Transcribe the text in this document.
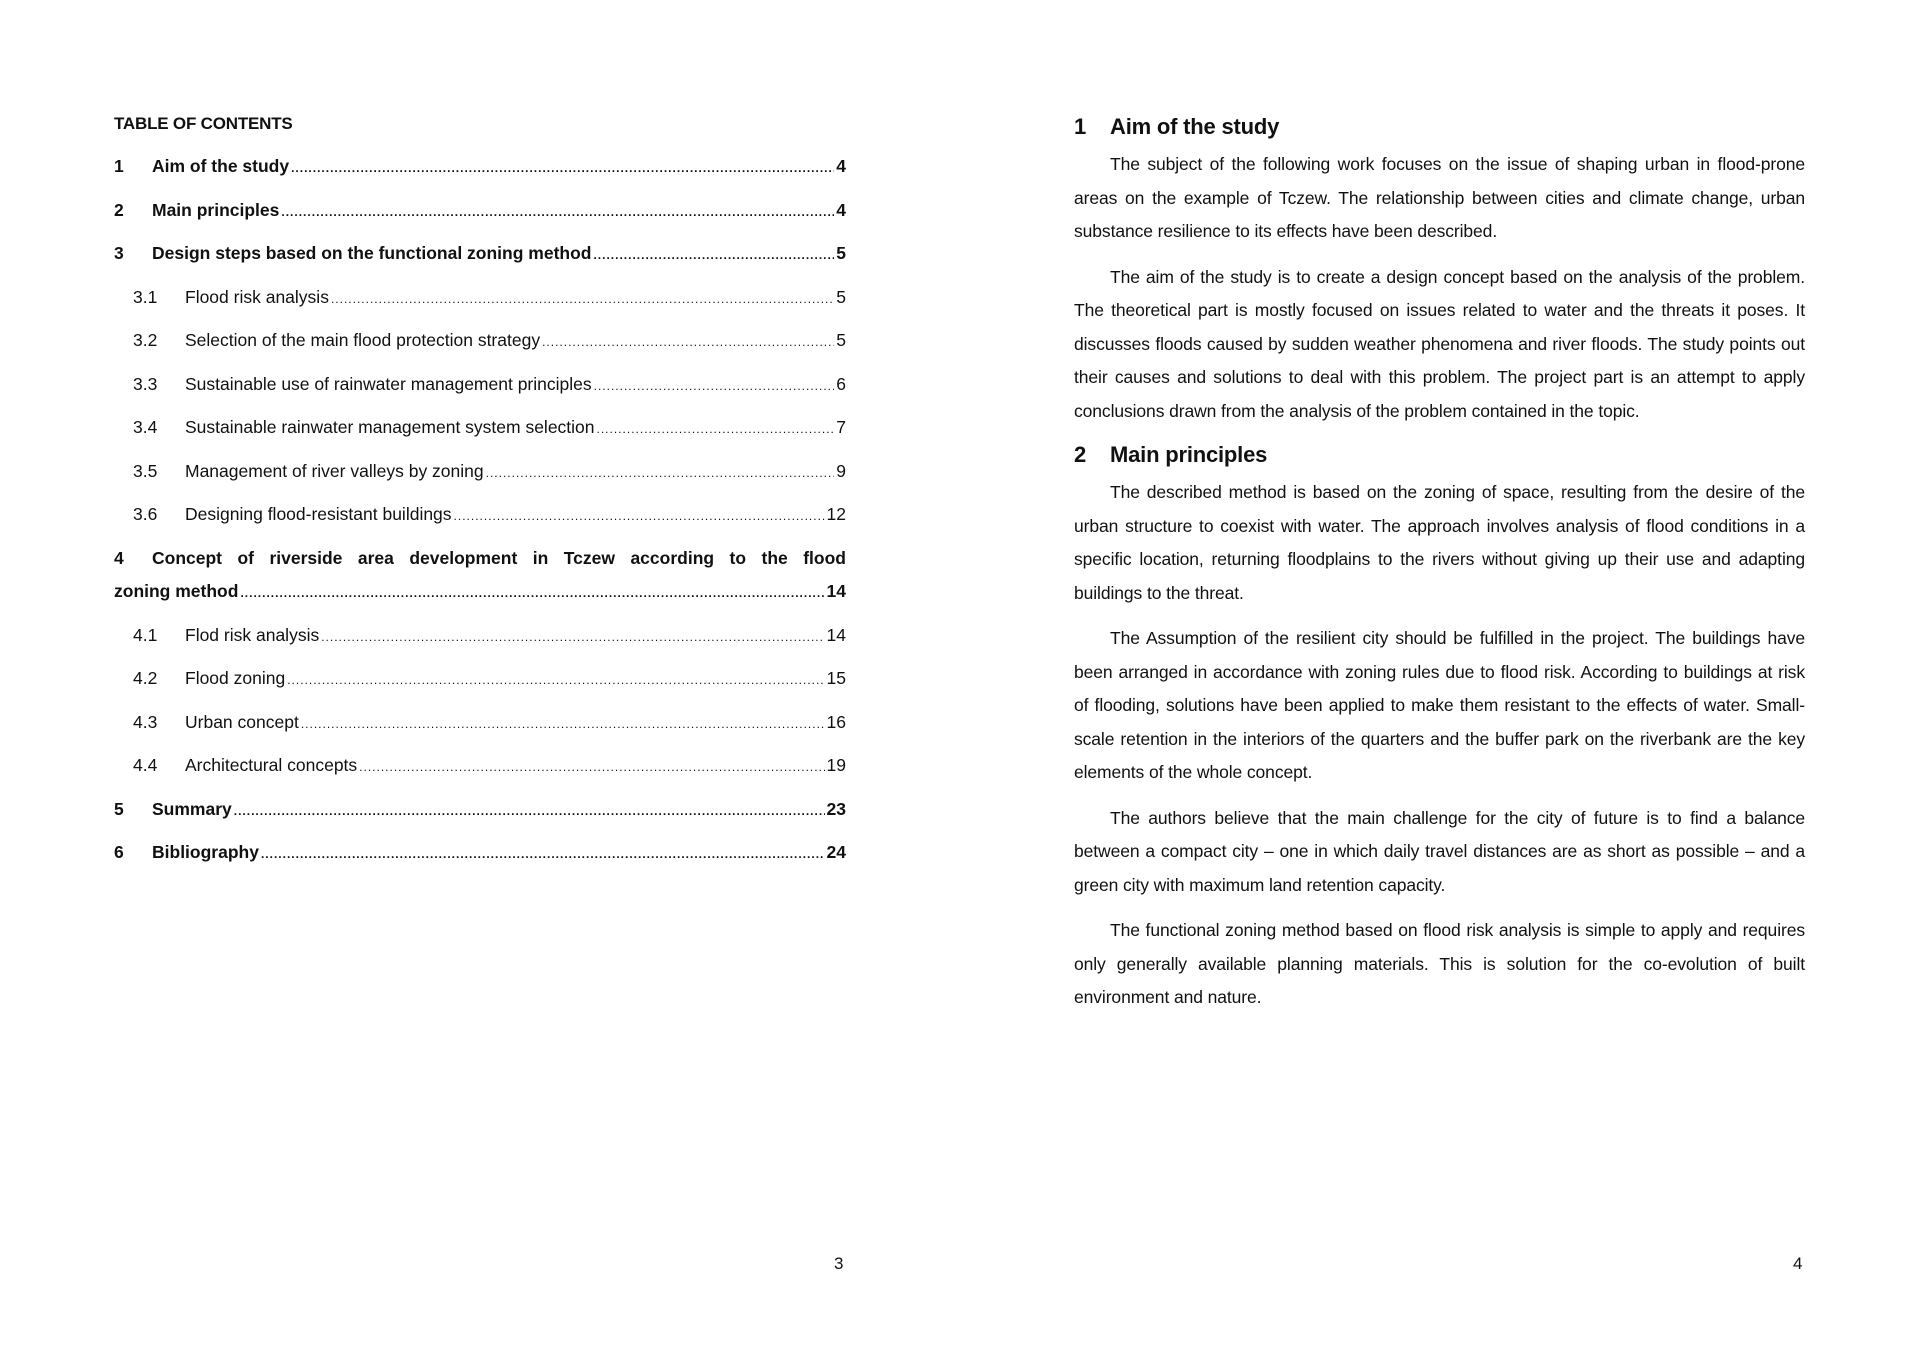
TABLE OF CONTENTS
1	Aim of the study .....	4
2	Main principles .....	4
3	Design steps based on the functional zoning method .....	5
3.1	Flood risk analysis .....	5
3.2	Selection of the main flood protection strategy .....	5
3.3	Sustainable use of rainwater management principles .....	6
3.4	Sustainable rainwater management system selection .....	7
3.5	Management of river valleys by zoning .....	9
3.6	Designing flood-resistant buildings .....	12
4	Concept of riverside area development in Tczew according to the flood
zoning method .....	14
4.1	Flod risk analysis .....	14
4.2	Flood zoning .....	15
4.3	Urban concept .....	16
4.4	Architectural concepts .....	19
5	Summary .....	23
6	Bibliography .....	24
3
1	Aim of the study

The subject of the following work focuses on the issue of shaping urban in flood-prone areas on the example of Tczew. The relationship between cities and climate change, urban substance resilience to its effects have been described.

The aim of the study is to create a design concept based on the analysis of the problem. The theoretical part is mostly focused on issues related to water and the threats it poses. It discusses floods caused by sudden weather phenomena and river floods. The study points out their causes and solutions to deal with this problem. The project part is an attempt to apply conclusions drawn from the analysis of the problem contained in the topic.

2	Main principles

The described method is based on the zoning of space, resulting from the desire of the urban structure to coexist with water. The approach involves analysis of flood conditions in a specific location, returning floodplains to the rivers without giving up their use and adapting buildings to the threat.

The Assumption of the resilient city should be fulfilled in the project. The buildings have been arranged in accordance with zoning rules due to flood risk. According to buildings at risk of flooding, solutions have been applied to make them resistant to the effects of water. Small-scale retention in the interiors of the quarters and the buffer park on the riverbank are the key elements of the whole concept.

The authors believe that the main challenge for the city of future is to find a balance between a compact city – one in which daily travel distances are as short as possible – and a green city with maximum land retention capacity.

The functional zoning method based on flood risk analysis is simple to apply and requires only generally available planning materials. This is solution for the co-evolution of built environment and nature.

4
